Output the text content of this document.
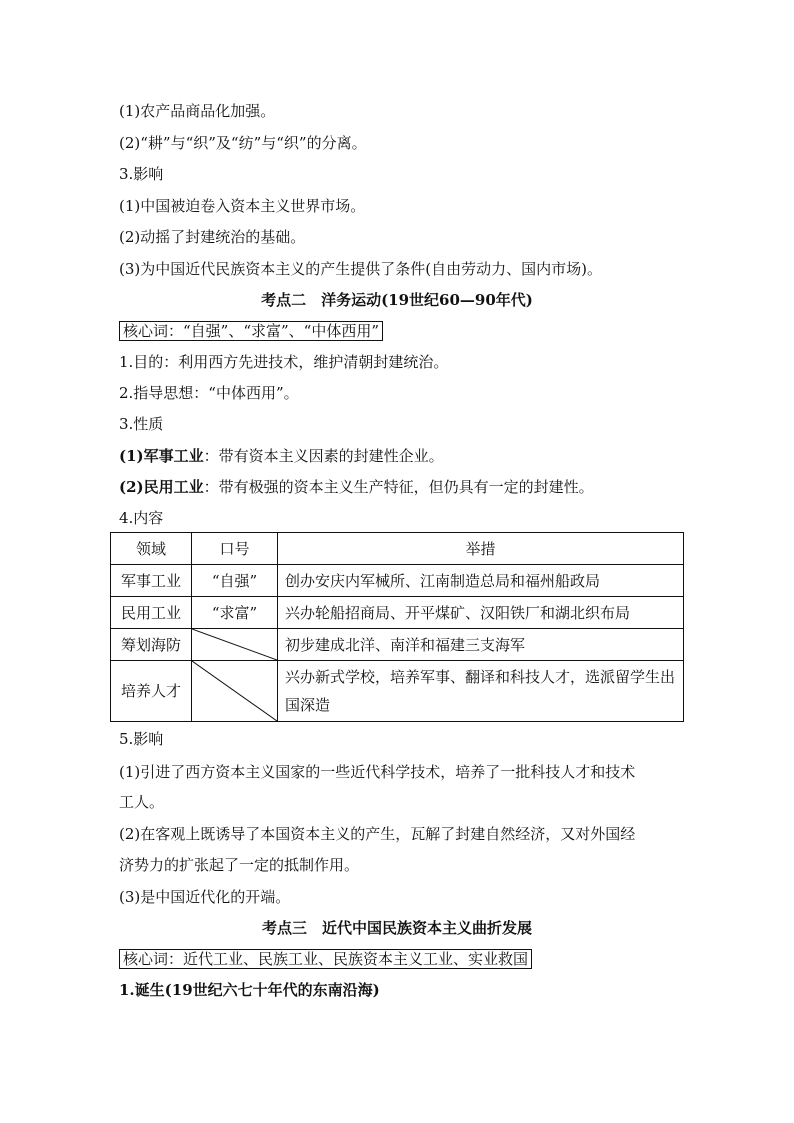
(1)农产品商品化加强。
(2)“耕”与“织”及“纺”与“织”的分离。
3.影响
(1)中国被迫卷入资本主义世界市场。
(2)动摇了封建统治的基础。
(3)为中国近代民族资本主义的产生提供了条件(自由劳动力、国内市场)。
考点二　洋务运动(19世纪60—90年代)
核心词：“自强”、“求富”、“中体西用”
1.目的：利用西方先进技术，维护清朝封建统治。
2.指导思想：“中体西用”。
3.性质
(1)军事工业：带有资本主义因素的封建性企业。
(2)民用工业：带有极强的资本主义生产特征，但仍具有一定的封建性。
4.内容
领域	口号	举措
军事工业	“自强”	创办安庆内军械所、江南制造总局和福州船政局
民用工业	“求富”	兴办轮船招商局、开平煤矿、汉阳铁厂和湖北织布局
筹划海防		初步建成北洋、南洋和福建三支海军
培养人才		兴办新式学校，培养军事、翻译和科技人才，选派留学生出国深造
5.影响
(1)引进了西方资本主义国家的一些近代科学技术，培养了一批科技人才和技术
工人。
(2)在客观上既诱导了本国资本主义的产生，瓦解了封建自然经济，又对外国经
济势力的扩张起了一定的抵制作用。
(3)是中国近代化的开端。
考点三　近代中国民族资本主义曲折发展
核心词：近代工业、民族工业、民族资本主义工业、实业救国
1.诞生(19世纪六七十年代的东南沿海)
